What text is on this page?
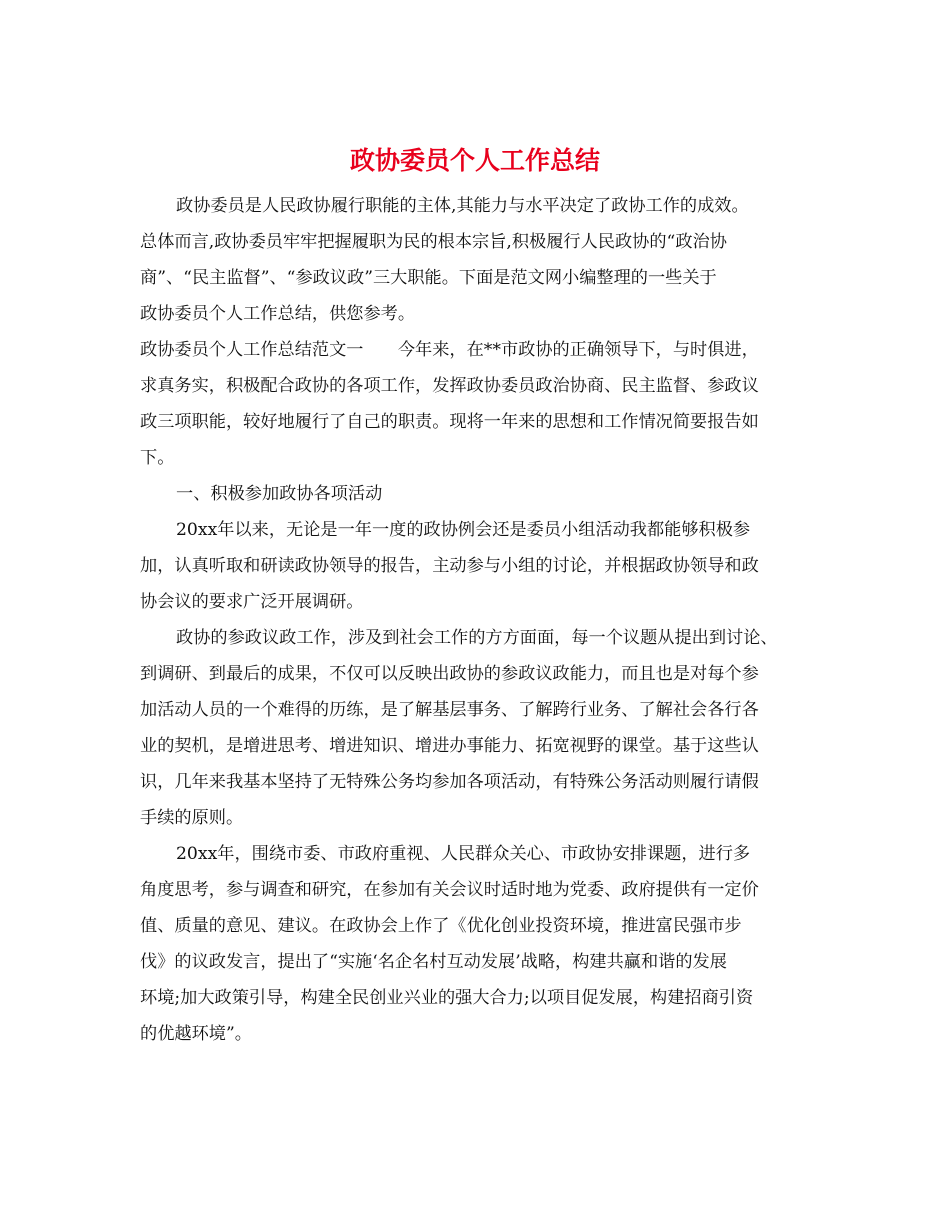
政协委员个人工作总结
政协委员是人民政协履行职能的主体,其能力与水平决定了政协工作的成效。
总体而言,政协委员牢牢把握履职为民的根本宗旨,积极履行人民政协的“政治协
商”、“民主监督”、“参政议政”三大职能。下面是范文网小编整理的一些关于
政协委员个人工作总结，供您参考。
政协委员个人工作总结范文一　　今年来，在**市政协的正确领导下，与时俱进，
求真务实，积极配合政协的各项工作，发挥政协委员政治协商、民主监督、参政议
政三项职能，较好地履行了自己的职责。现将一年来的思想和工作情况简要报告如
下。
一、积极参加政协各项活动
20xx年以来，无论是一年一度的政协例会还是委员小组活动我都能够积极参
加，认真听取和研读政协领导的报告，主动参与小组的讨论，并根据政协领导和政
协会议的要求广泛开展调研。
政协的参政议政工作，涉及到社会工作的方方面面，每一个议题从提出到讨论、
到调研、到最后的成果，不仅可以反映出政协的参政议政能力，而且也是对每个参
加活动人员的一个难得的历练，是了解基层事务、了解跨行业务、了解社会各行各
业的契机，是增进思考、增进知识、增进办事能力、拓宽视野的课堂。基于这些认
识，几年来我基本坚持了无特殊公务均参加各项活动，有特殊公务活动则履行请假
手续的原则。
20xx年，围绕市委、市政府重视、人民群众关心、市政协安排课题，进行多
角度思考，参与调查和研究，在参加有关会议时适时地为党委、政府提供有一定价
值、质量的意见、建议。在政协会上作了《优化创业投资环境，推进富民强市步
伐》的议政发言，提出了“实施‘名企名村互动发展’战略，构建共赢和谐的发展
环境;加大政策引导，构建全民创业兴业的强大合力;以项目促发展，构建招商引资
的优越环境”。
